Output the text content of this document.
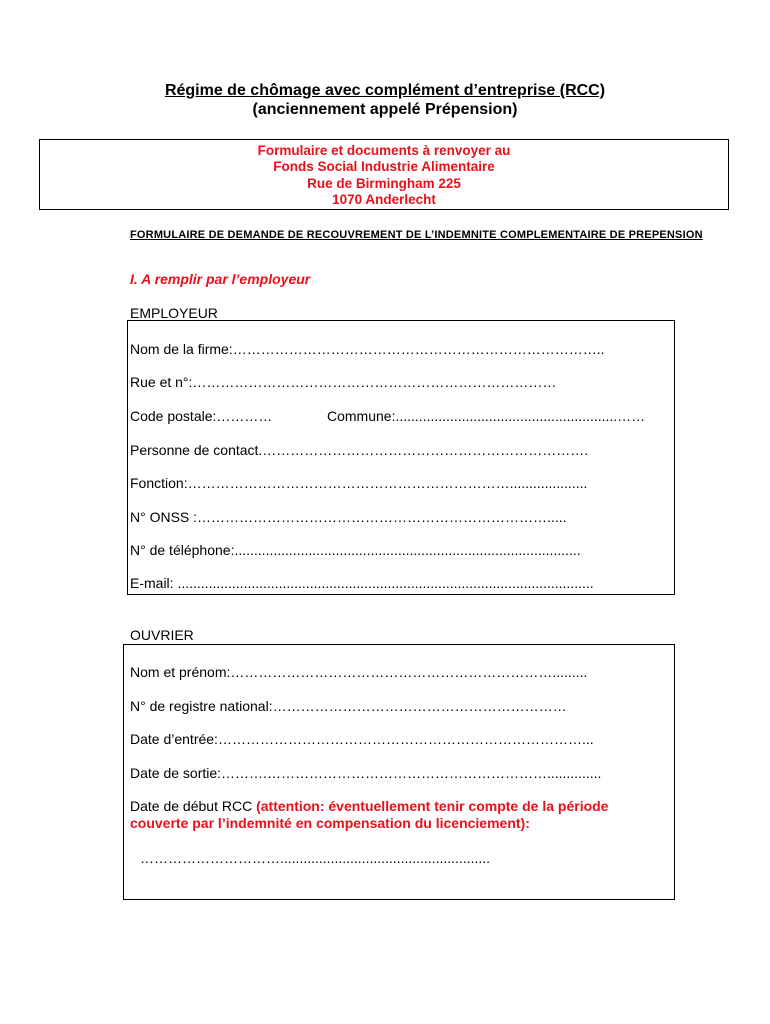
Régime de chômage avec complément d’entreprise (RCC)
(anciennement appelé Prépension)
Formulaire et documents à renvoyer au
Fonds Social Industrie Alimentaire
Rue de Birmingham 225
1070 Anderlecht
FORMULAIRE DE DEMANDE DE RECOUVREMENT DE L’INDEMNITE COMPLEMENTAIRE DE PREPENSION
I. A remplir par l’employeur
EMPLOYEUR
Nom de la firme:……………………………………………………………………..
Rue et n°:……………………………………………………………………
Code postale:…………	Commune:.........................................................……
Personne de contact.…………………………………………………………….
Fonction:……………………………………………………………....................
N° ONSS :………………………………………………………………….....
N° de téléphone:.........................................................................................
E-mail: ...........................................................................................................
OUVRIER
Nom et prénom:…………………………………………………………….........
N° de registre national:………………………………………………………
Date d’entrée:……………………………………………………………………...
Date de sortie:……….……………………………………………………..............
Date de début RCC (attention: éventuellement tenir compte de la période
couverte par l’indemnité en compensation du licenciement):
…………………………......................................................
